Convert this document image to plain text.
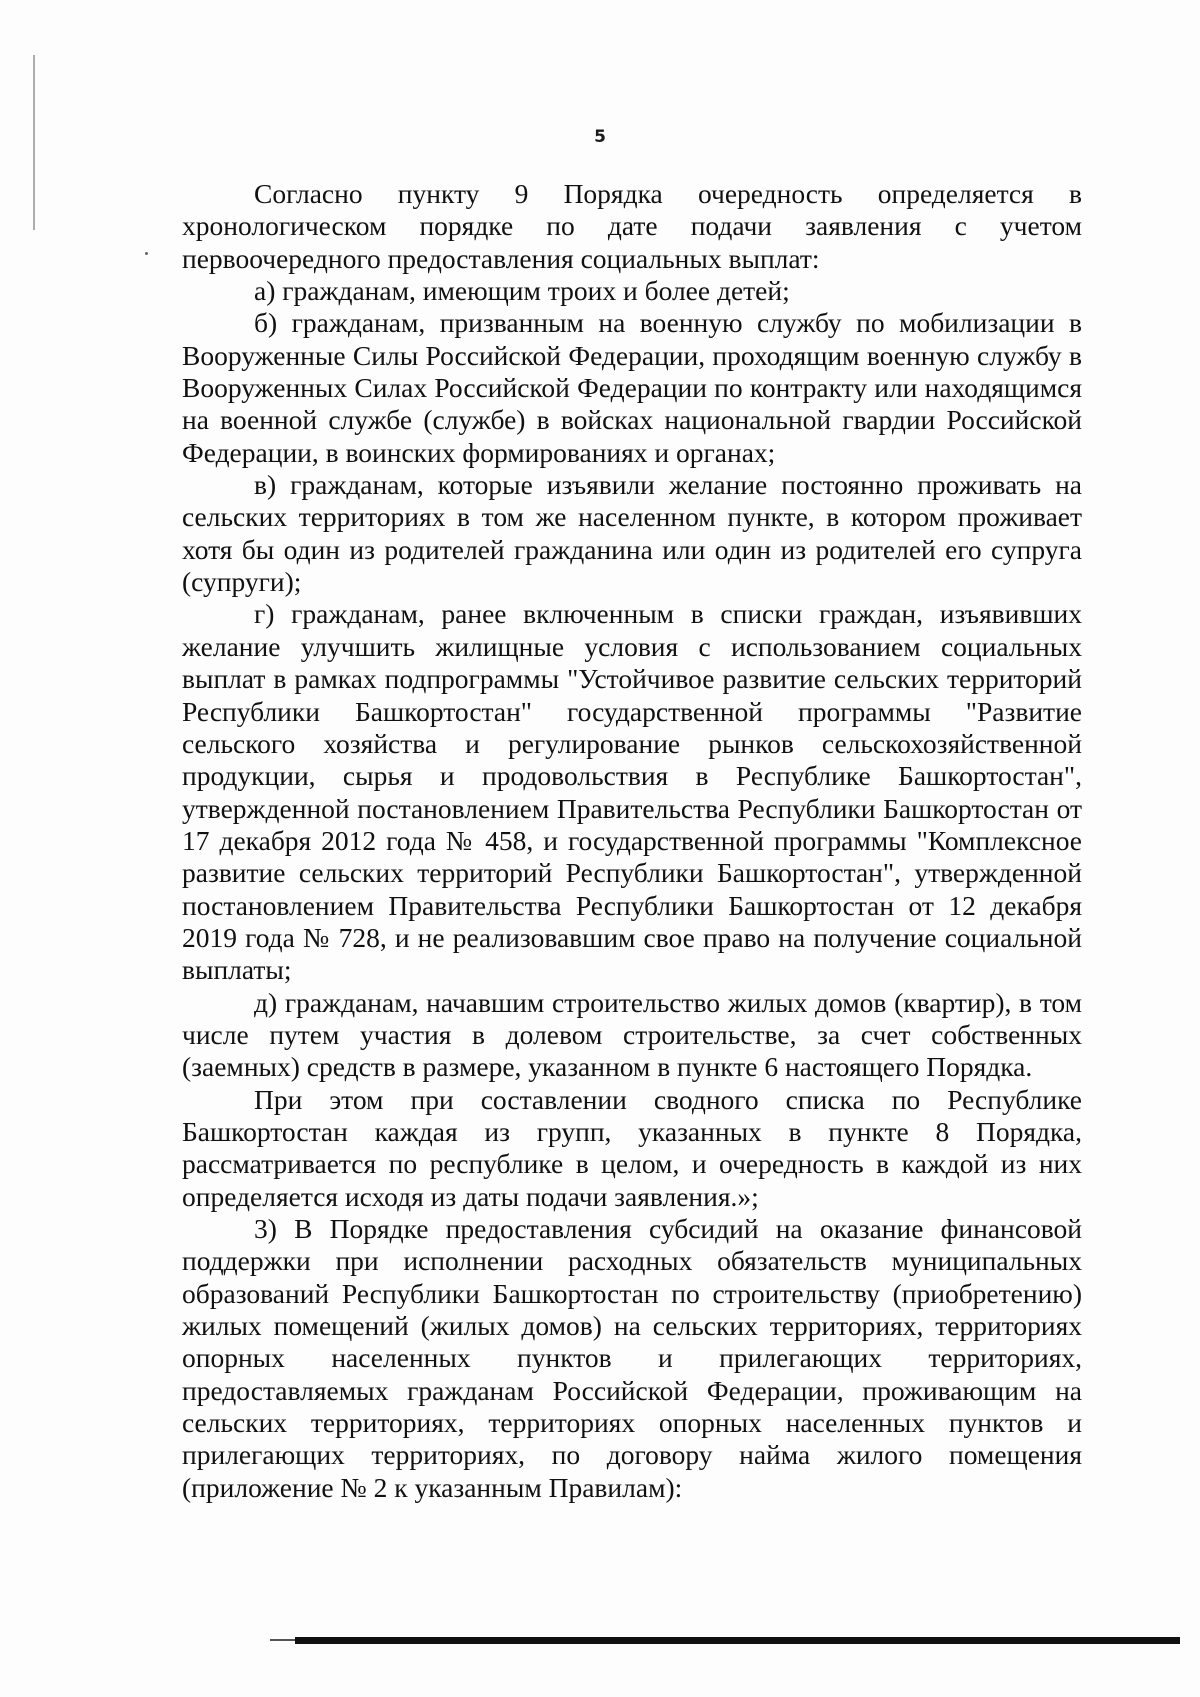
5

Согласно пункту 9 Порядка очередность определяется в хронологическом порядке по дате подачи заявления с учетом первоочередного предоставления социальных выплат:

а) гражданам, имеющим троих и более детей;

б) гражданам, призванным на военную службу по мобилизации в Вооруженные Силы Российской Федерации, проходящим военную службу в Вооруженных Силах Российской Федерации по контракту или находящимся на военной службе (службе) в войсках национальной гвардии Российской Федерации, в воинских формированиях и органах;

в) гражданам, которые изъявили желание постоянно проживать на сельских территориях в том же населенном пункте, в котором проживает хотя бы один из родителей гражданина или один из родителей его супруга (супруги);

г) гражданам, ранее включенным в списки граждан, изъявивших желание улучшить жилищные условия с использованием социальных выплат в рамках подпрограммы "Устойчивое развитие сельских территорий Республики Башкортостан" государственной программы "Развитие сельского хозяйства и регулирование рынков сельскохозяйственной продукции, сырья и продовольствия в Республике Башкортостан", утвержденной постановлением Правительства Республики Башкортостан от 17 декабря 2012 года № 458, и государственной программы "Комплексное развитие сельских территорий Республики Башкортостан", утвержденной постановлением Правительства Республики Башкортостан от 12 декабря 2019 года № 728, и не реализовавшим свое право на получение социальной выплаты;

д) гражданам, начавшим строительство жилых домов (квартир), в том числе путем участия в долевом строительстве, за счет собственных (заемных) средств в размере, указанном в пункте 6 настоящего Порядка.

При этом при составлении сводного списка по Республике Башкортостан каждая из групп, указанных в пункте 8 Порядка, рассматривается по республике в целом, и очередность в каждой из них определяется исходя из даты подачи заявления.»;

3) В Порядке предоставления субсидий на оказание финансовой поддержки при исполнении расходных обязательств муниципальных образований Республики Башкортостан по строительству (приобретению) жилых помещений (жилых домов) на сельских территориях, территориях опорных населенных пунктов и прилегающих территориях, предоставляемых гражданам Российской Федерации, проживающим на сельских территориях, территориях опорных населенных пунктов и прилегающих территориях, по договору найма жилого помещения (приложение № 2 к указанным Правилам):
